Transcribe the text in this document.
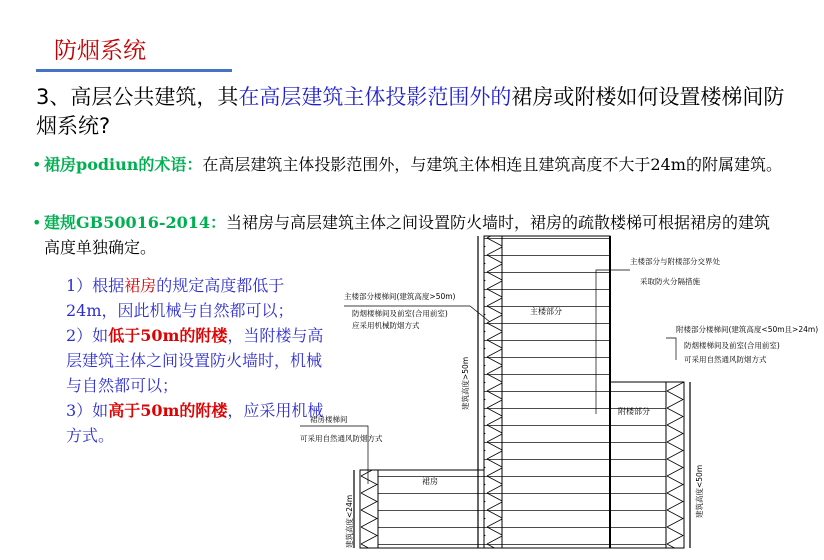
防烟系统
3、高层公共建筑，其在高层建筑主体投影范围外的裙房或附楼如何设置楼梯间防烟系统?
• 裙房podiun的术语：在高层建筑主体投影范围外，与建筑主体相连且建筑高度不大于24m的附属建筑。
• 建规GB50016-2014：当裙房与高层建筑主体之间设置防火墙时，裙房的疏散楼梯可根据裙房的建筑高度单独确定。

1）根据裙房的规定高度都低于24m，因此机械与自然都可以；

2）如低于50m的附楼，当附楼与高层建筑主体之间设置防火墙时，机械与自然都可以；

3）如高于50m的附楼，应采用机械方式。

主楼部分楼梯间(建筑高度>50m)
防烟楼梯间及前室(合用前室)
应采用机械防烟方式
主楼部分
主楼部分与附楼部分交界处
采取防火分隔措施
附楼部分楼梯间(建筑高度<50m且>24m)
防烟楼梯间及前室(合用前室)
可采用自然通风防烟方式
附楼部分
裙房楼梯间
可采用自然通风防烟方式
裙房
建筑高度>50m
建筑高度<50m
建筑高度<24m
